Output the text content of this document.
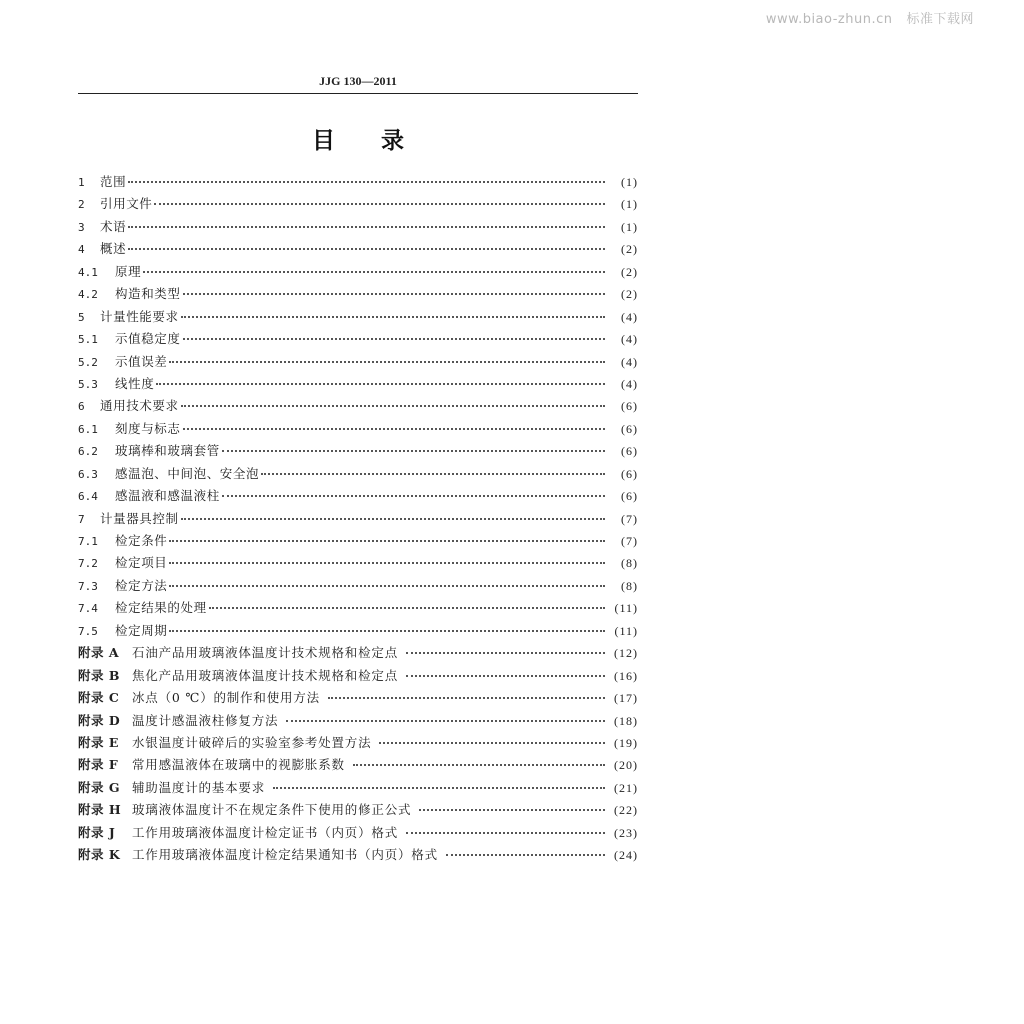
www.biao-zhun.cn 标准下载网
JJG 130—2011
目录
1	范围	(1)
2	引用文件	(1)
3	术语	(1)
4	概述	(2)
4.1	原理	(2)
4.2	构造和类型	(2)
5	计量性能要求	(4)
5.1	示值稳定度	(4)
5.2	示值误差	(4)
5.3	线性度	(4)
6	通用技术要求	(6)
6.1	刻度与标志	(6)
6.2	玻璃棒和玻璃套管	(6)
6.3	感温泡、中间泡、安全泡	(6)
6.4	感温液和感温液柱	(6)
7	计量器具控制	(7)
7.1	检定条件	(7)
7.2	检定项目	(8)
7.3	检定方法	(8)
7.4	检定结果的处理	(11)
7.5	检定周期	(11)
附录 A	石油产品用玻璃液体温度计技术规格和检定点	(12)
附录 B 焦化产品用玻璃液体温度计技术规格和检定点	(16)
附录 C	冰点（0 ℃）的制作和使用方法	(17)
附录 D 温度计感温液柱修复方法	(18)
附录 E	水银温度计破碎后的实验室参考处置方法	(19)
附录 F	常用感温液体在玻璃中的视膨胀系数	(20)
附录 G 辅助温度计的基本要求	(21)
附录 H 玻璃液体温度计不在规定条件下使用的修正公式	(22)
附录 J	工作用玻璃液体温度计检定证书（内页）格式	(23)
附录 K 工作用玻璃液体温度计检定结果通知书（内页）格式	(24)
